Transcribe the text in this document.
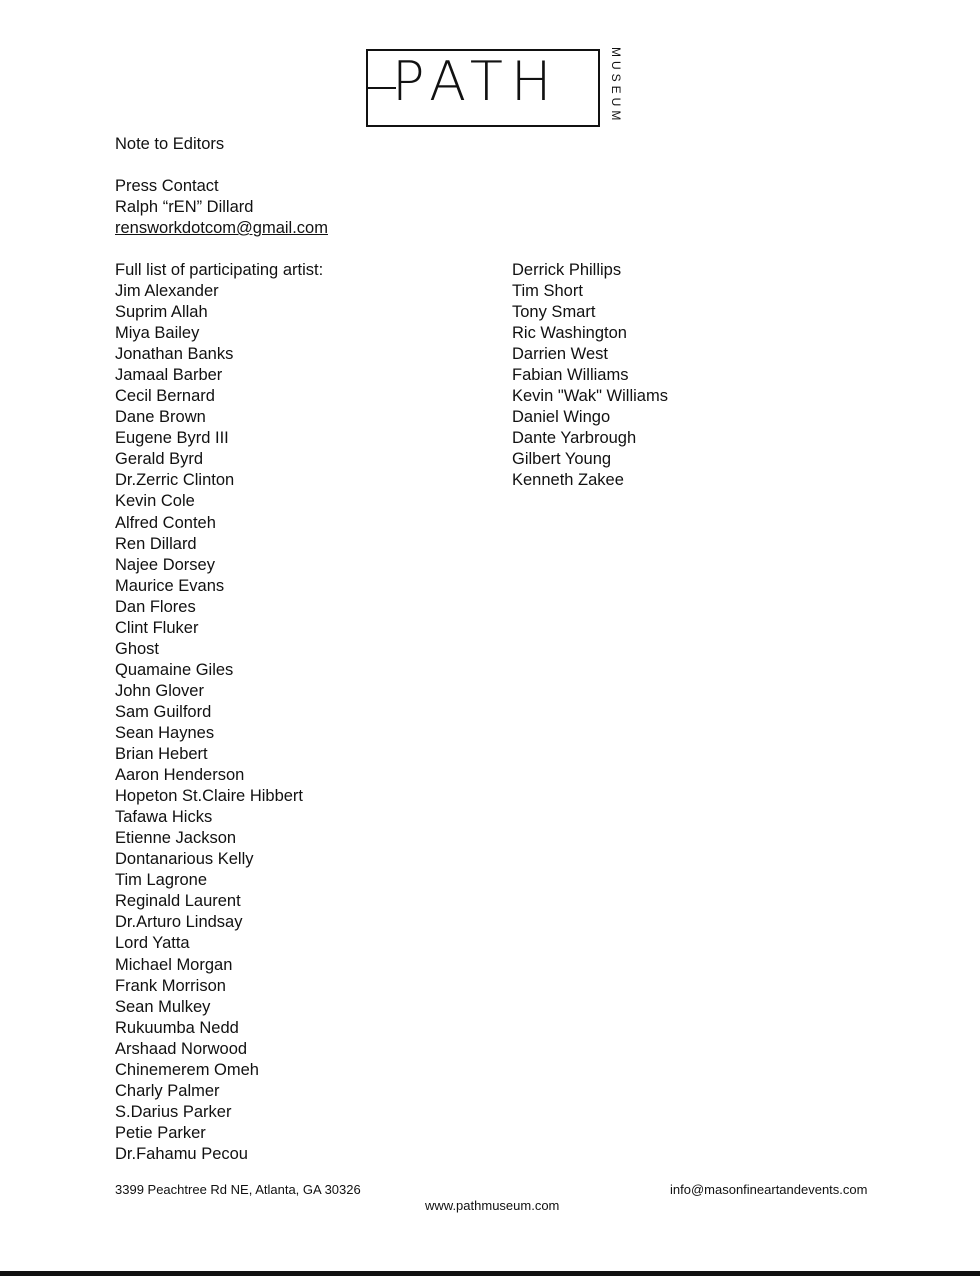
PATH	MUSEUM
Note to Editors
Press Contact
Ralph “rEN” Dillard
rensworkdotcom@gmail.com
Full list of participating artist:
Jim Alexander
Suprim Allah
Miya Bailey
Jonathan Banks
Jamaal Barber
Cecil Bernard
Dane Brown
Eugene Byrd III
Gerald Byrd
Dr.Zerric Clinton
Kevin Cole
Alfred Conteh
Ren Dillard
Najee Dorsey
Maurice Evans
Dan Flores
Clint Fluker
Ghost
Quamaine Giles
John Glover
Sam Guilford
Sean Haynes
Brian Hebert
Aaron Henderson
Hopeton St.Claire Hibbert
Tafawa Hicks
Etienne Jackson
Dontanarious Kelly
Tim Lagrone
Reginald Laurent
Dr.Arturo Lindsay
Lord Yatta
Michael Morgan
Frank Morrison
Sean Mulkey
Rukuumba Nedd
Arshaad Norwood
Chinemerem Omeh
Charly Palmer
S.Darius Parker
Petie Parker
Dr.Fahamu Pecou
Derrick Phillips
Tim Short
Tony Smart
Ric Washington
Darrien West
Fabian Williams
Kevin "Wak" Williams
Daniel Wingo
Dante Yarbrough
Gilbert Young
Kenneth Zakee
3399 Peachtree Rd NE, Atlanta, GA 30326	info@masonfineartandevents.com
www.pathmuseum.com
